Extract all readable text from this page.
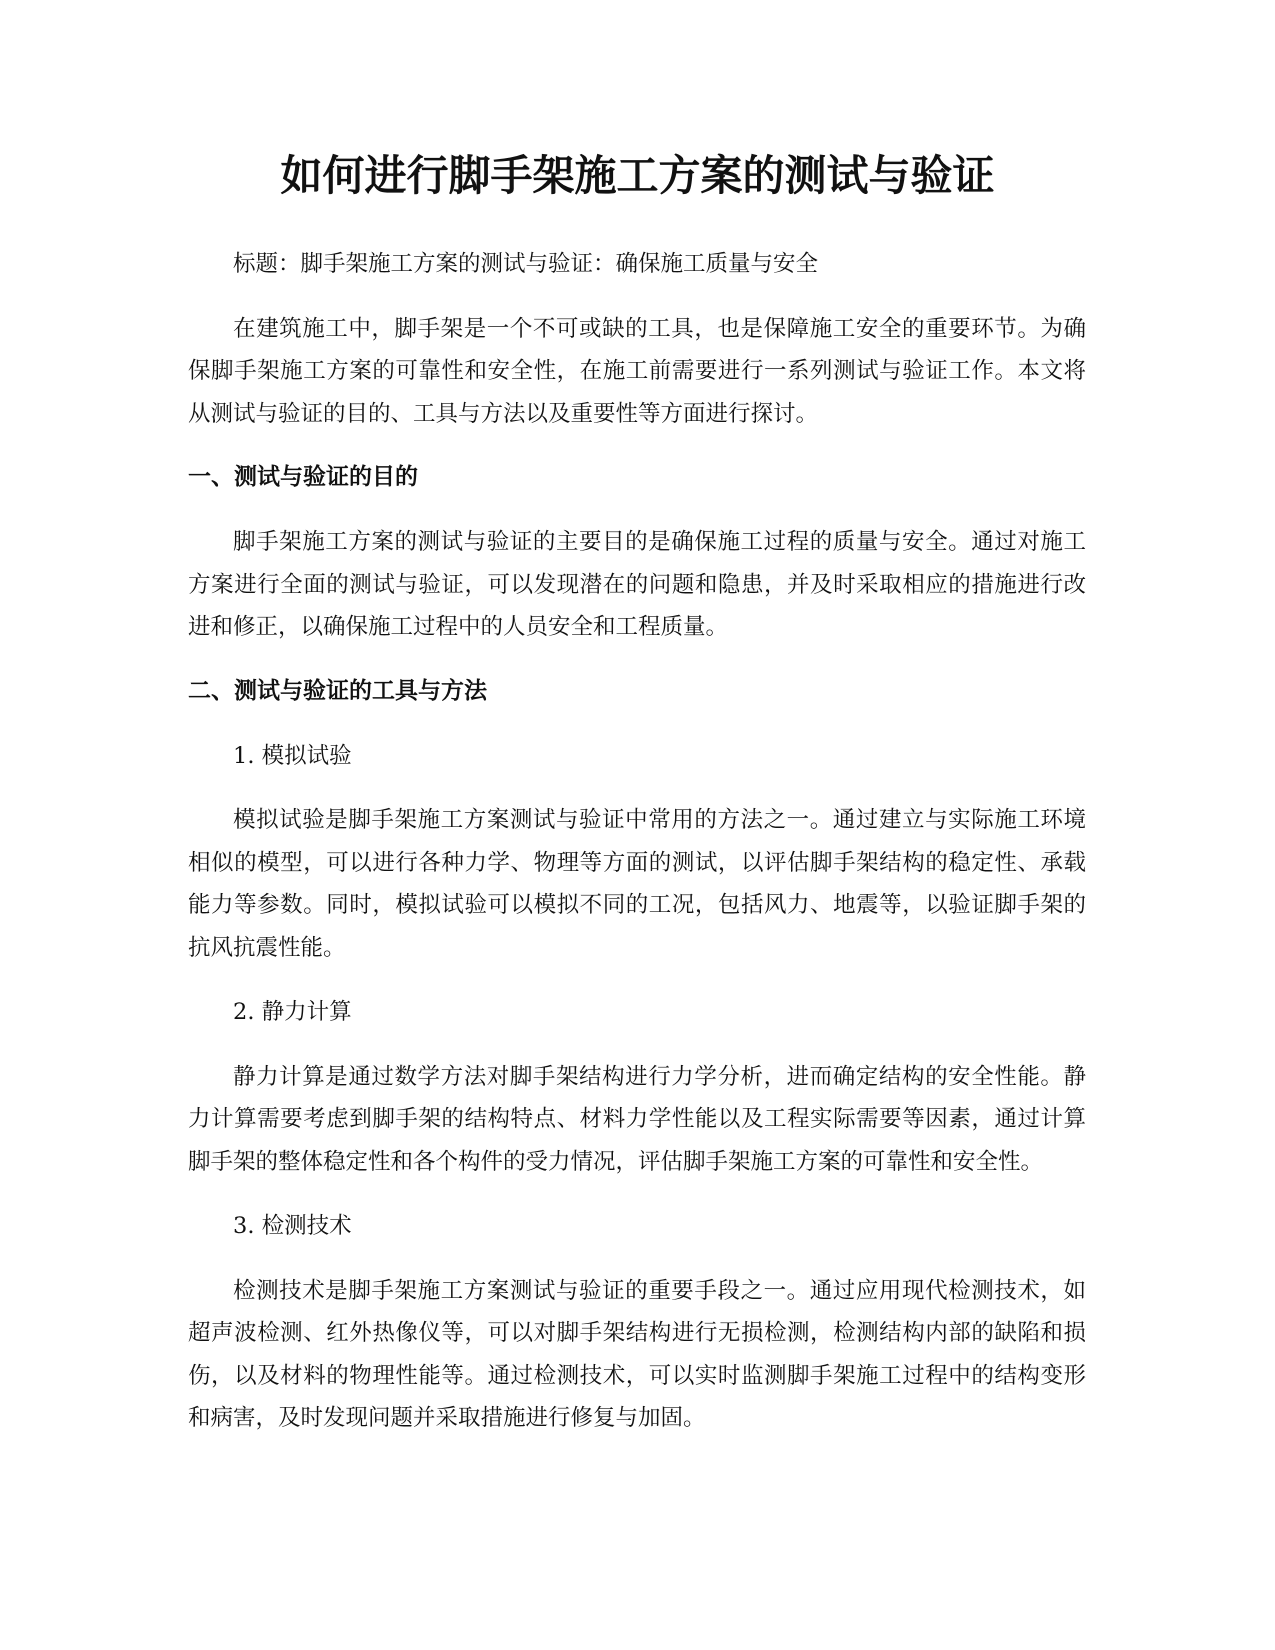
如何进行脚手架施工方案的测试与验证

标题：脚手架施工方案的测试与验证：确保施工质量与安全

在建筑施工中，脚手架是一个不可或缺的工具，也是保障施工安全的重要环节。为确保脚手架施工方案的可靠性和安全性，在施工前需要进行一系列测试与验证工作。本文将从测试与验证的目的、工具与方法以及重要性等方面进行探讨。

一、测试与验证的目的

脚手架施工方案的测试与验证的主要目的是确保施工过程的质量与安全。通过对施工方案进行全面的测试与验证，可以发现潜在的问题和隐患，并及时采取相应的措施进行改进和修正，以确保施工过程中的人员安全和工程质量。

二、测试与验证的工具与方法

1. 模拟试验

模拟试验是脚手架施工方案测试与验证中常用的方法之一。通过建立与实际施工环境相似的模型，可以进行各种力学、物理等方面的测试，以评估脚手架结构的稳定性、承载能力等参数。同时，模拟试验可以模拟不同的工况，包括风力、地震等，以验证脚手架的抗风抗震性能。

2. 静力计算

静力计算是通过数学方法对脚手架结构进行力学分析，进而确定结构的安全性能。静力计算需要考虑到脚手架的结构特点、材料力学性能以及工程实际需要等因素，通过计算脚手架的整体稳定性和各个构件的受力情况，评估脚手架施工方案的可靠性和安全性。

3. 检测技术

检测技术是脚手架施工方案测试与验证的重要手段之一。通过应用现代检测技术，如超声波检测、红外热像仪等，可以对脚手架结构进行无损检测，检测结构内部的缺陷和损伤，以及材料的物理性能等。通过检测技术，可以实时监测脚手架施工过程中的结构变形和病害，及时发现问题并采取措施进行修复与加固。
